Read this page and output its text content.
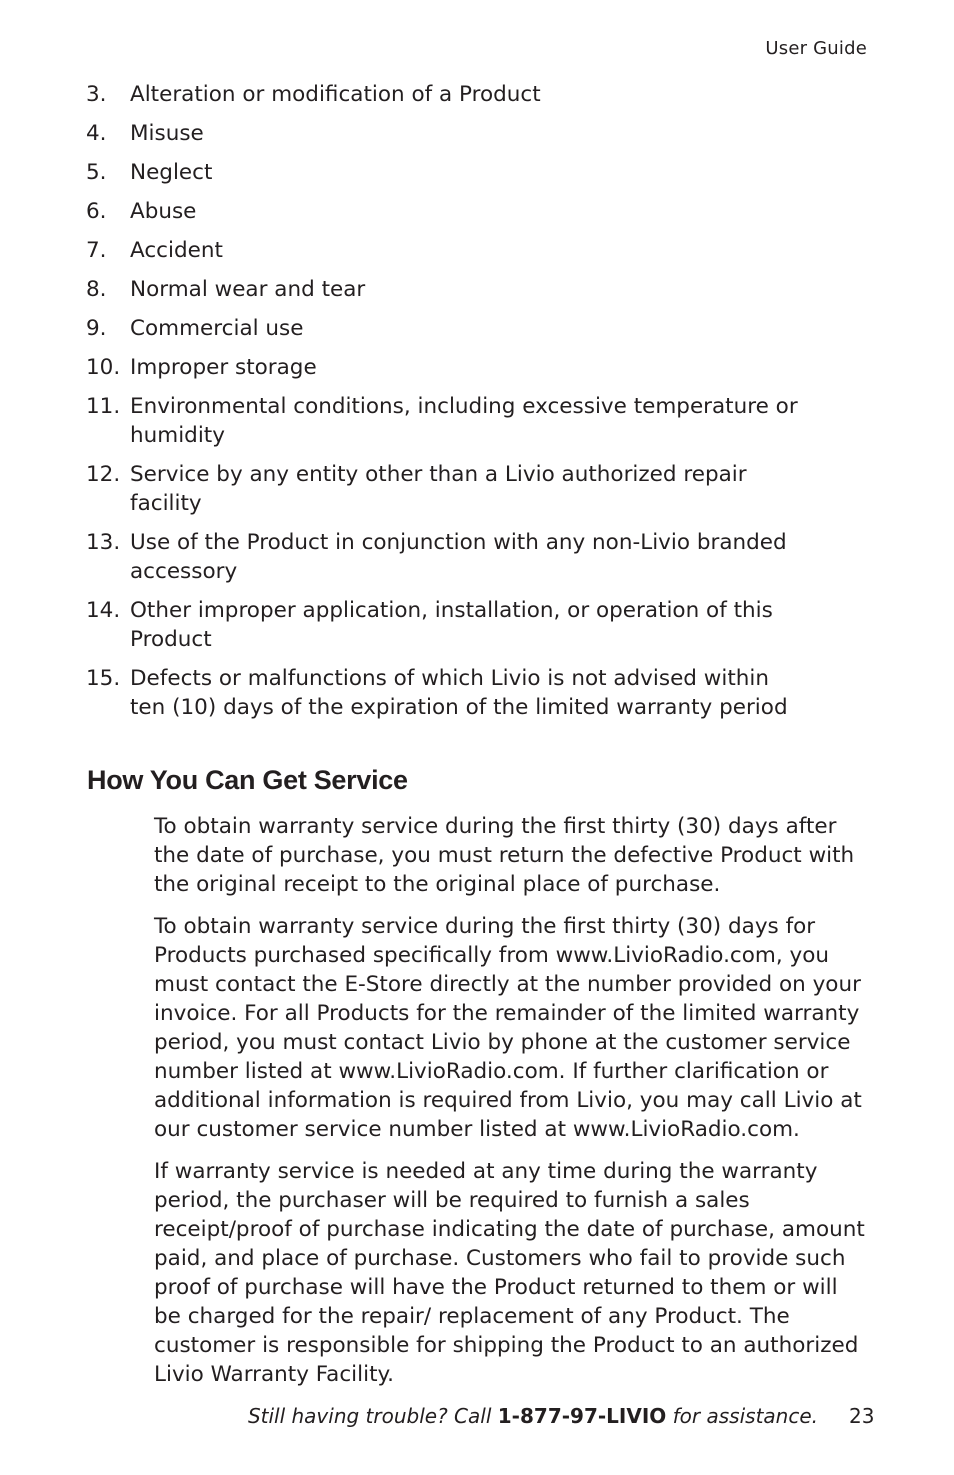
User Guide
3.	Alteration or modification of a Product
4.	Misuse
5.	Neglect
6.	Abuse
7.	Accident
8.	Normal wear and tear
9.	Commercial use
10. Improper storage
11. Environmental conditions, including excessive temperature or humidity
12. Service by any entity other than a Livio authorized repair facility
13. Use of the Product in conjunction with any non-Livio branded accessory
14. Other improper application, installation, or operation of this Product
15. Defects or malfunctions of which Livio is not advised within ten (10) days of the expiration of the limited warranty period
How You Can Get Service

To obtain warranty service during the first thirty (30) days after the date of purchase, you must return the defective Product with the original receipt to the original place of purchase.

To obtain warranty service during the first thirty (30) days for Products purchased specifically from www.LivioRadio.com, you must contact the E-Store directly at the number provided on your invoice. For all Products for the remainder of the limited warranty period, you must contact Livio by phone at the customer service number listed at www.LivioRadio.com. If further clarification or additional information is required from Livio, you may call Livio at our customer service number listed at www.LivioRadio.com.

If warranty service is needed at any time during the warranty period, the purchaser will be required to furnish a sales receipt/proof of purchase indicating the date of purchase, amount paid, and place of purchase. Customers who fail to provide such proof of purchase will have the Product returned to them or will be charged for the repair/ replacement of any Product. The customer is responsible for shipping the Product to an authorized Livio Warranty Facility.

Still having trouble? Call 1-877-97-LIVIO for assistance. 23
